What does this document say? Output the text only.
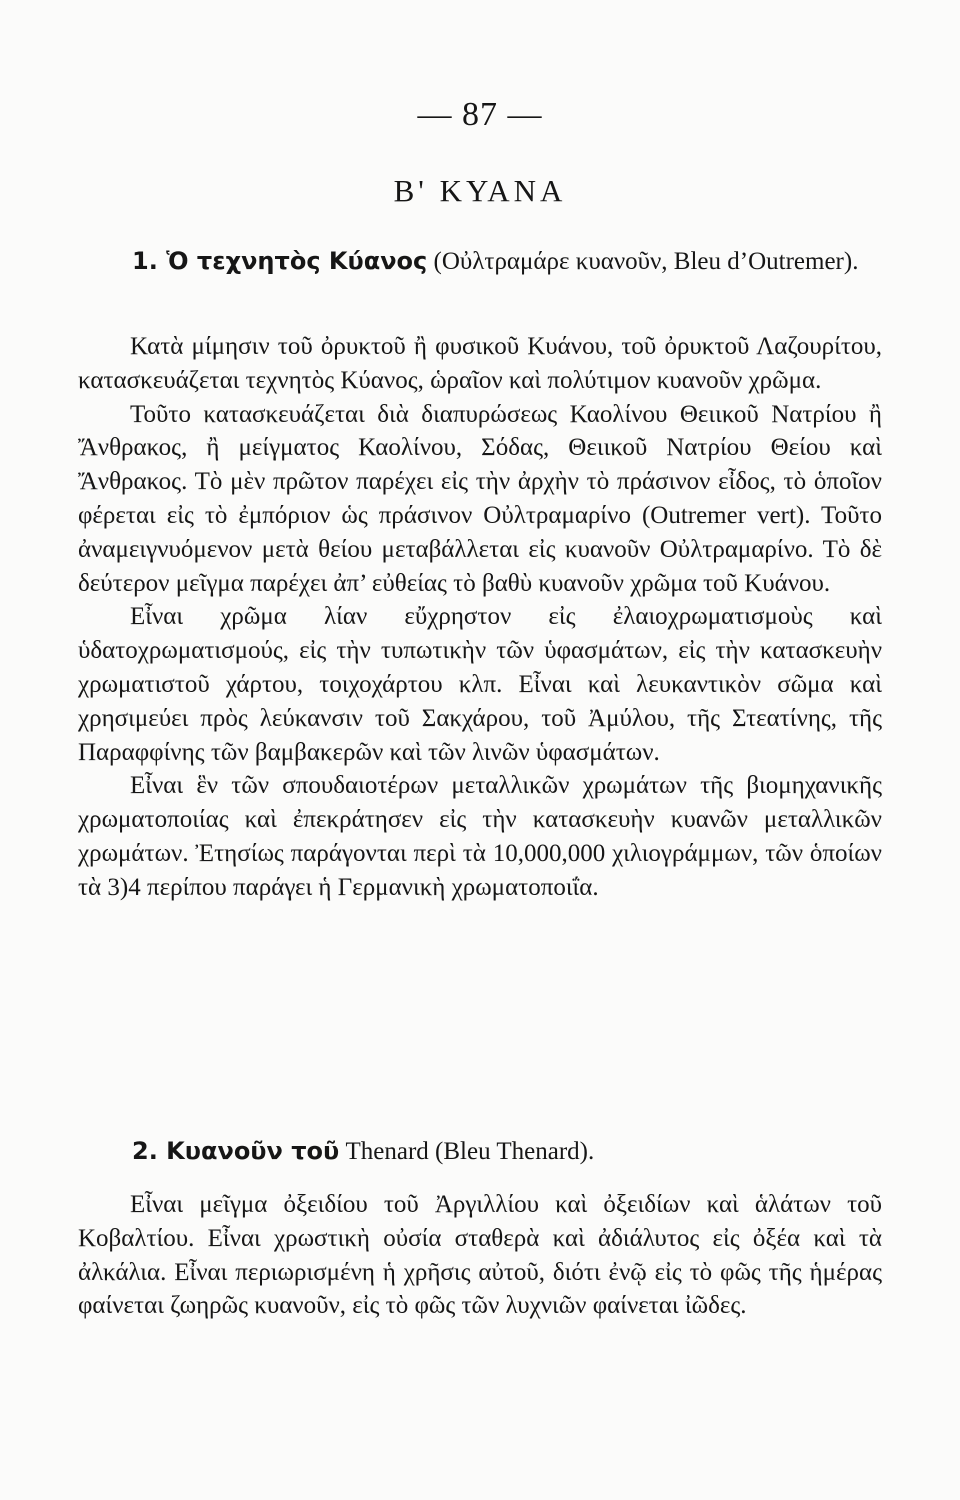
— 87 —
Β' ΚΥΑΝΑ
1. Ὁ τεχνητὸς Κύανος (Οὐλτραμάρε κυανοῦν, Bleu d’Outremer).

Κατὰ μίμησιν τοῦ ὀρυκτοῦ ἢ φυσικοῦ Κυάνου, τοῦ ὀρυκτοῦ Λαζουρίτου, κατασκευάζεται τεχνητὸς Κύανος, ὡραῖον καὶ πολύτιμον κυανοῦν χρῶμα.

Τοῦτο κατασκευάζεται διὰ διαπυρώσεως Καολίνου Θειικοῦ Νατρίου ἢ Ἄνθρακος, ἢ μείγματος Καολίνου, Σόδας, Θειικοῦ Νατρίου Θείου καὶ Ἄνθρακος. Τὸ μὲν πρῶτον παρέχει εἰς τὴν ἀρχὴν τὸ πράσινον εἶδος, τὸ ὁποῖον φέρεται εἰς τὸ ἐμπόριον ὡς πράσινον Οὐλτραμαρίνο (Outremer vert). Τοῦτο ἀναμειγνυόμενον μετὰ θείου μεταβάλλεται εἰς κυανοῦν Οὐλτραμαρίνο. Τὸ δὲ δεύτερον μεῖγμα παρέχει ἀπ’ εὐθείας τὸ βαθὺ κυανοῦν χρῶμα τοῦ Κυάνου.

Εἶναι χρῶμα λίαν εὔχρηστον εἰς ἐλαιοχρωματισμοὺς καὶ ὑδατοχρωματισμούς, εἰς τὴν τυπωτικὴν τῶν ὑφασμάτων, εἰς τὴν κατασκευὴν χρωματιστοῦ χάρτου, τοιχοχάρτου κλπ. Εἶναι καὶ λευκαντικὸν σῶμα καὶ χρησιμεύει πρὸς λεύκανσιν τοῦ Σακχάρου, τοῦ Ἀμύλου, τῆς Στεατίνης, τῆς Παραφφίνης τῶν βαμβακερῶν καὶ τῶν λινῶν ὑφασμάτων.

Εἶναι ἓν τῶν σπουδαιοτέρων μεταλλικῶν χρωμάτων τῆς βιομηχανικῆς χρωματοποιίας καὶ ἐπεκράτησεν εἰς τὴν κατασκευὴν κυανῶν μεταλλικῶν χρωμάτων. Ἐτησίως παράγονται περὶ τὰ 10,000,000 χιλιογράμμων, τῶν ὁποίων τὰ 3)4 περίπου παράγει ἡ Γερμανικὴ χρωματοποιΐα.

2. Κυανοῦν τοῦ Thenard (Bleu Thenard).

Εἶναι μεῖγμα ὀξειδίου τοῦ Ἀργιλλίου καὶ ὀξειδίων καὶ ἁλάτων τοῦ Κοβαλτίου. Εἶναι χρωστικὴ οὐσία σταθερὰ καὶ ἀδιάλυτος εἰς ὀξέα καὶ τὰ ἀλκάλια. Εἶναι περιωρισμένη ἡ χρῆσις αὐτοῦ, διότι ἐνῷ εἰς τὸ φῶς τῆς ἡμέρας φαίνεται ζωηρῶς κυανοῦν, εἰς τὸ φῶς τῶν λυχνιῶν φαίνεται ἰῶδες.
